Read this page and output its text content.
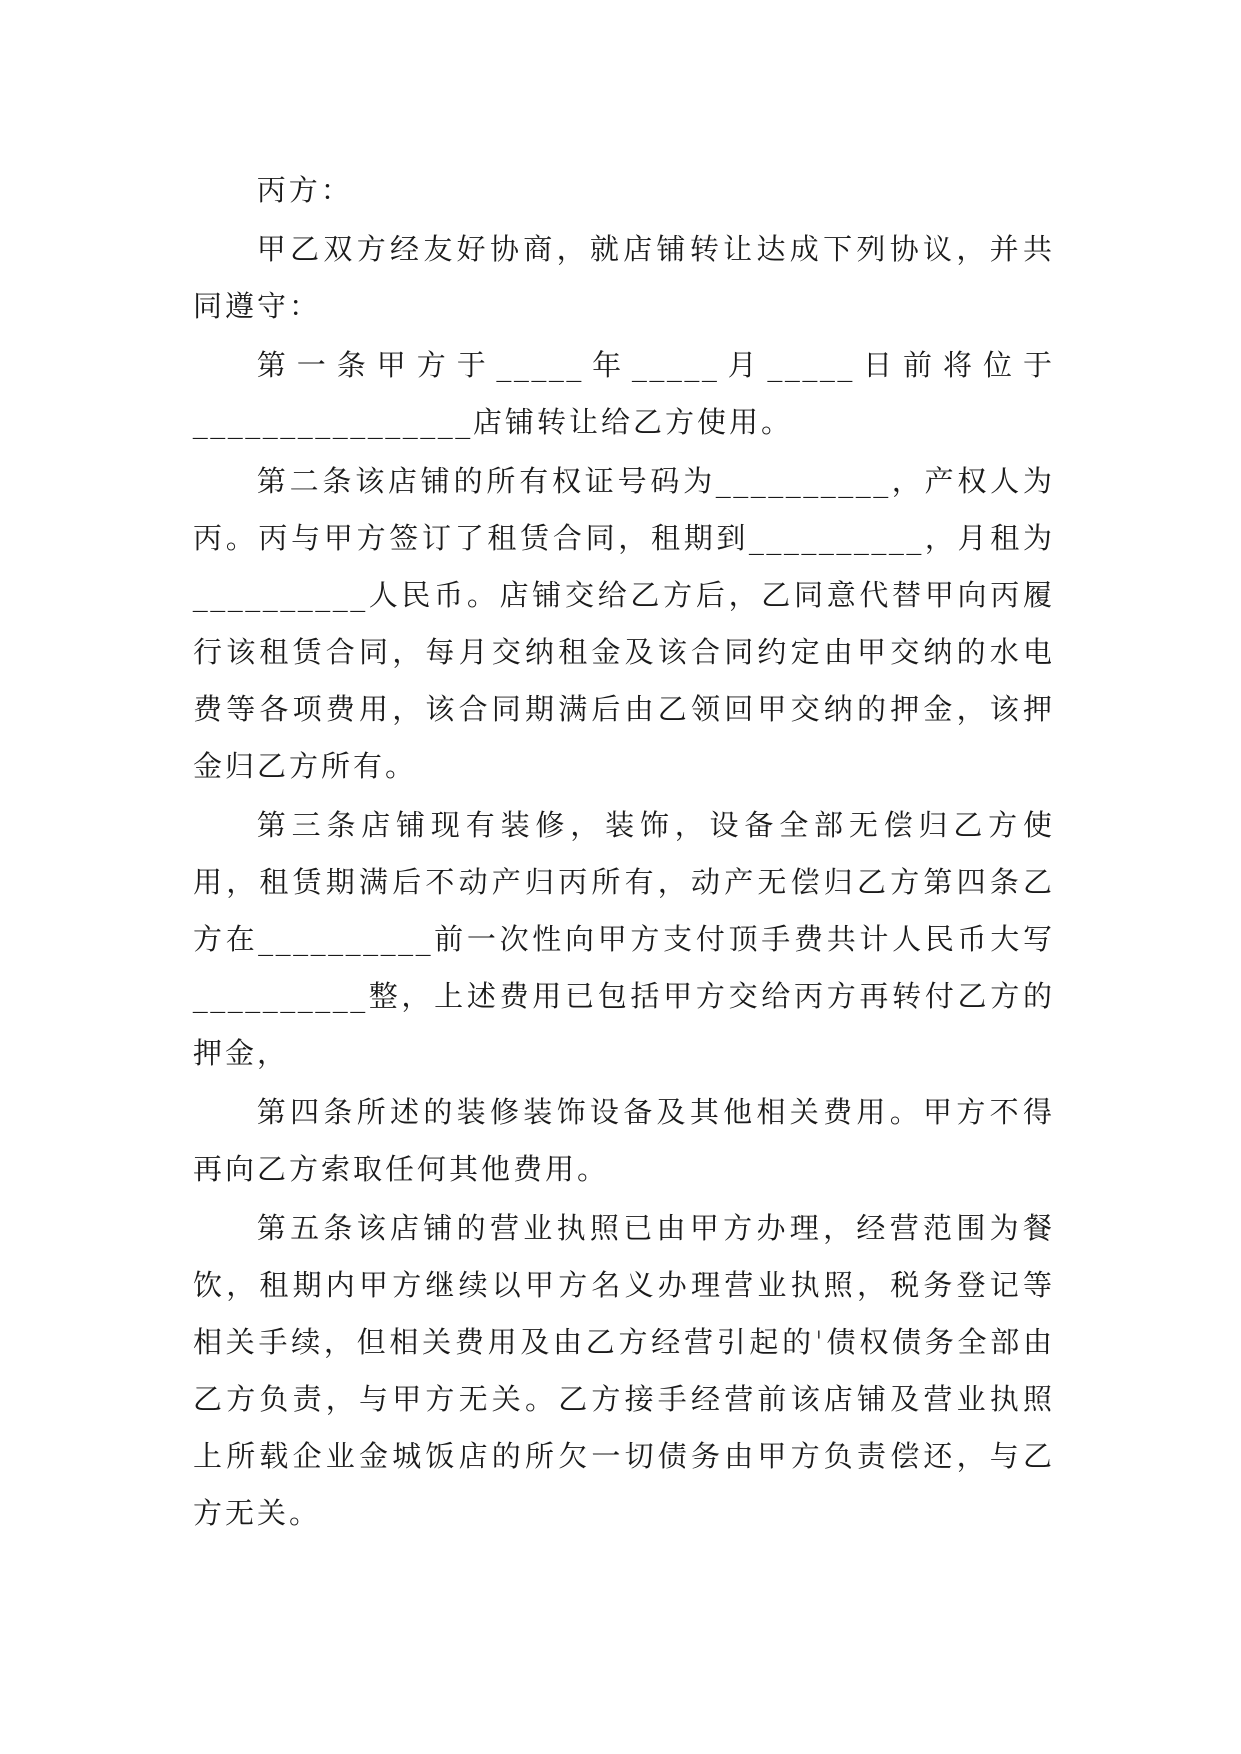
丙方：

甲乙双方经友好协商，就店铺转让达成下列协议，并共同遵守：

第一条甲方于_____年_____月_____日前将位于________________店铺转让给乙方使用。

第二条该店铺的所有权证号码为__________，产权人为丙。丙与甲方签订了租赁合同，租期到__________，月租为__________人民币。店铺交给乙方后，乙同意代替甲向丙履行该租赁合同，每月交纳租金及该合同约定由甲交纳的水电费等各项费用，该合同期满后由乙领回甲交纳的押金，该押金归乙方所有。

第三条店铺现有装修，装饰，设备全部无偿归乙方使用，租赁期满后不动产归丙所有，动产无偿归乙方第四条乙方在__________前一次性向甲方支付顶手费共计人民币大写__________整，上述费用已包括甲方交给丙方再转付乙方的押金，

第四条所述的装修装饰设备及其他相关费用。甲方不得再向乙方索取任何其他费用。

第五条该店铺的营业执照已由甲方办理，经营范围为餐饮，租期内甲方继续以甲方名义办理营业执照，税务登记等相关手续，但相关费用及由乙方经营引起的'债权债务全部由乙方负责，与甲方无关。乙方接手经营前该店铺及营业执照上所载企业金城饭店的所欠一切债务由甲方负责偿还，与乙方无关。
